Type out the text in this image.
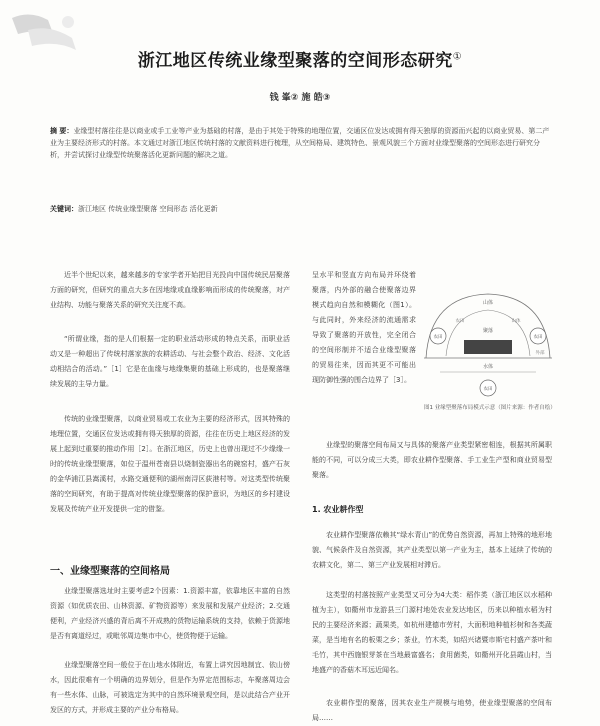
浙江地区传统业缘型聚落的空间形态研究①
钱 峯② 施 皓③

摘 要：业缘型村落往往是以商业或手工业等产业为基础的村落，是由于其处于特殊的地理位置，交通区位发达或拥有得天独厚的资源而兴起的以商业贸易、第二产业为主要经济形式的村落。本文通过对浙江地区传统村落的文献资料进行梳理，从空间格局、建筑特色、景观风貌三个方面对业缘型聚落的空间形态进行研究分析，并尝试探讨业缘型传统聚落活化更新问题的解决之道。

关键词：浙江地区 传统业缘型聚落 空间形态 活化更新

近半个世纪以来，越来越多的专家学者开始把目光投向中国传统民居聚落方面的研究，但研究的重点大多在因地缘或血缘影响而形成的传统聚落，对产业结构、功能与聚落关系的研究关注度不高。

“所谓业缘，指的是人们根据一定的职业活动形成的特点关系，而职业活动又是一种超出了传统村落家族的农耕活动、与社会整个政治、经济、文化活动相结合的活动。”［1］它是在血缘与地缘集聚的基础上形成的，也是聚落继续发展的主导力量。

传统的业缘型聚落，以商业贸易或工农业为主要的经济形式，因其特殊的地理位置，交通区位发达或拥有得天独厚的资源，往往在历史上地区经济的发展上起到过重要的推动作用［2］。在浙江地区，历史上也曾出现过不少缘缘一时的传统业缘型聚落，如位于温州苍南县以烧制瓷器出名的碗窑村，盛产石灰的金华浦江县嵩溪村，水路交通便利的湖州南浔区荻港村等。对这类型传统聚落的空间研究，有助于提高对传统业缘型聚落的保护意识，为地区的乡村建设发展及传统产业开发提供一定的借鉴。

一、业缘型聚落的空间格局

业缘型聚落选址时主要考虑2个因素：1.资源丰富，依靠地区丰富的自然资源（如优质农田、山林资源、矿物资源等）来发展和发展产业经济；2.交通便利，产业经济兴盛的背后离不开成熟的货物运输系统的支持，依赖于货源地是否有离道经过，或毗邻周边集市中心，使货物便于运输。

业缘型聚落空间一般位于在山地水体附近，布置上讲究因地制宜、依山傍水，因此很难有一个明确的边界划分，但是作为界定范围标志，车聚落周边会有一些水体、山脉，可被选定为其中的自然环境景观空间，是以此结合产业开发区的方式，并形成主要的产业分布格局。

呈水平和竖直方向布局并环绕着聚落，内外部的融合使聚落边界模式趋向自然和模糊化（图1）。与此同时，外来经济的流通需求导致了聚落的开放性，完全闭合的空间形制并不适合业缘型聚落的贸易往来，因而其更不可能出现防御性强的围合边界了［3］。

山体
聚落
水体
农田	农田
农田
山体
农田
外部

图1 业缘型聚落布局模式示意（图片来源：作者自绘）

业缘型的聚落空间布局又与具体的聚落产业类型紧密相连，根据其所属职能的不同，可以分成三大类，即农业耕作型聚落、手工业生产型和商业贸易型聚落。

1. 农业耕作型

农业耕作型聚落依赖其“绿水青山”的优势自然资源，再加上特殊的地形地貌、气候条件及自然资源，其产业类型以第一产业为主，基本上延续了传统的农耕文化，第二、第三产业发展相对滞后。

这类型的村落按照产业类型又可分为4大类：稻作类（浙江地区以水稻种植为主），如衢州市龙游县三门源村地处农业发达地区，历来以种植水稻为村民的主要经济来源；蔬果类，如杭州建德市劳村，大面积地种植杉树和各类蔬菜，是当地有名的板栗之乡；茶业，竹木类，如绍兴诸暨市斯宅村盛产茶叶和毛竹，其中西施银芽茶在当地最富盛名；食用菌类，如衢州开化县霞山村，当地盛产的香菇木耳远近闻名。

农业耕作型的聚落，因其农业生产规模与地势，使业缘型聚落的空间布局……
